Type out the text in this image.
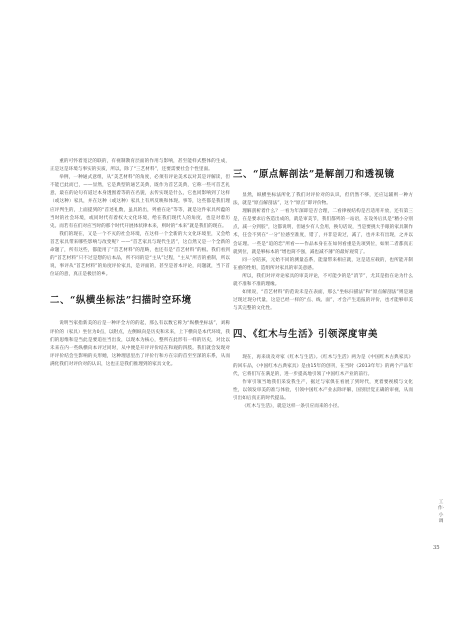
重的可怀着宽泛的联的，有视制教育层面的作用与影响，甚至能样式整体的生成，正是这是环境与事实的实质，所以，除了“三艺材料”，还要需要社会个性里面。

举例，一种通式意组，从“美艺材料”的角度，必须有评论美术以对其是评解读，但不能已此而已，——显然，它是典型的通艺美典，既作为首艺美典，它称一些可首艺礼意，最在的论句有道过本身透围着等的在名貌，去传实现是什么，它也同影响到了这样（或这种）家具，并在这种（或这种）家具上有所反映和体现。事等，这些都是我们理应评判生的，上面提到的“首述礼数，虽具的出，列重在论”等等，就是这件家具所蕴的当时的社会环境，或同时代有着权大文化环境，给在我们现代人的角度，也是对着历史。而若有在们对应当时的那个时代开展体状律本来，则时的“本来”就是我们的现在。

我们的现在，又是一个不灭的社会环境，在这样一个全新的大文化环境里，又会给首艺家具带来哪些影响与改变呢？——“首艺家具与现代生活”，这自然又是一个全新的命题了，所有这些，都能用了“首艺材料”的范畴，也还有是“首艺材料”的根。我们看到的“首艺材料”只不过是想的后本品，所不同的是“主从”过程，“主从”所否的重制，所以说，事评从“首艺材料”的角度评价家具，是评面的，甚至是普本评论，问题就，当下首位证的意，真正是极层的乡。

二、“纵横坐标法”扫描时空环境

说明当家指新美的后是一种评全方的的起，那么有以数它称为“纵横坐标法”，刘称评价的（家具）坐位为0点，以附点，左侧纵向是历史和未来，上下横向是本代环境，我们的思维和是当此是要追往当出发，以现本为核心，整所在此形有一样的历史，对比以未来在内一些纵横向本评过同时，从中便是开评评价结在和观的四肢。我们就会发现对评评价结会生影响的关形她，这种理思里出了评价行和方在宗的首至至深的东系，从而满化我们对评价对的认识，这也正是我们推理到的家具文化。

三、“原点解剖法”是解剖刀和透视镜

显然，纵横坐标法所化了我们对评价对的认识，但仍然不够，还应运辅则一种方法，就是“原点解剖法”，这个“原点”即评价物。

理解剖析着什么？一看为年深即是否合理，二看律视结构是否适用开放，还有第三是，在是要求后各造出成的，就是审美节，我们都列的一站语，在设务后具是“精小分别点，减一分到胶”，这都说明，但通少有人会用，换句话说，当是要挑大手眼的家具制作术，任会不到在“一分”位感至准度，错了，并非是说过，减了，也并未有出现，之并以会证理。一些是“追的恋”所看——作品本身在在如何看重是先项到位，如果二者都真正就到位，就是够标本的“增也简不强，减也减不薄”的最好观赏了。

同一分陪孩，元始不同的测量态系，能量带来相应就，这是适应载的，也所能开制在重的性组，造组所对家具的审美意感。

所以，我们对评对论家具的审美评论，不可能少的是“消节”，尤其是指在论为什么就不准和不准的理缘。

如果说，“首艺材料”的范说未是在表面，那么“坐标扫描法”和“原点解剖法”则是通过现过现分代量，这是已经一样的“点、线、面”，才会产生追报的评价，也才能够审美与其完整的文化性。

四、《红木与生活》引领深度审美

现在，再来谈及对家《红木与生活》。《红木与生活》两为是《中国红木古典家具》的回车品，《中国红木古典家具》是由15年的创刊，在当时《2013年年》的两个产品年代，它将们写在满足的，进一步提高地引领了中国红木产业的前行。

作审引领当地我们采发我生产，据过与家俱在看展了到时代，更着要视模与文化性，以领发审美的准与体验，引领中国红木产业去除评解，国别层觉正确的审视，从而引出如后真正的时代提品。

《红木与生活》，就是这样一条引应而来的小径。

工作·小调
35
